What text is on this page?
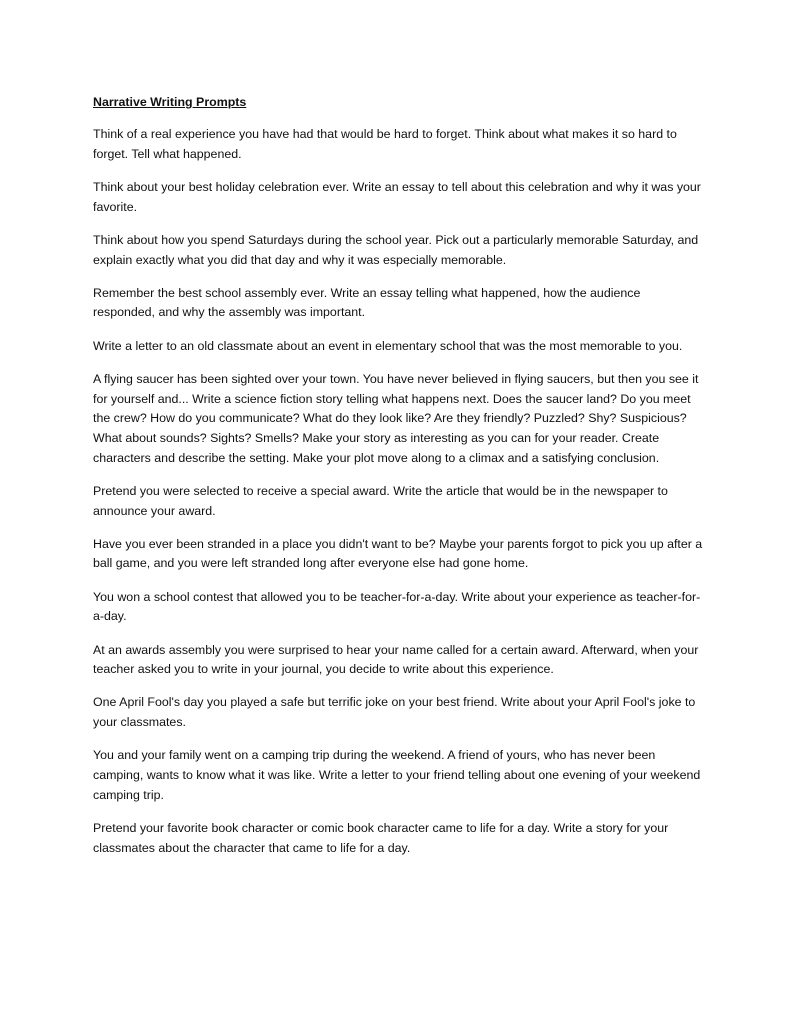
Narrative Writing Prompts

Think of a real experience you have had that would be hard to forget. Think about what makes it so hard to forget. Tell what happened.

Think about your best holiday celebration ever. Write an essay to tell about this celebration and why it was your favorite.

Think about how you spend Saturdays during the school year. Pick out a particularly memorable Saturday, and explain exactly what you did that day and why it was especially memorable.

Remember the best school assembly ever. Write an essay telling what happened, how the audience responded, and why the assembly was important.

Write a letter to an old classmate about an event in elementary school that was the most memorable to you.

A flying saucer has been sighted over your town. You have never believed in flying saucers, but then you see it for yourself and... Write a science fiction story telling what happens next. Does the saucer land? Do you meet the crew? How do you communicate? What do they look like? Are they friendly? Puzzled? Shy? Suspicious? What about sounds? Sights? Smells? Make your story as interesting as you can for your reader. Create characters and describe the setting. Make your plot move along to a climax and a satisfying conclusion.

Pretend you were selected to receive a special award. Write the article that would be in the newspaper to announce your award.

Have you ever been stranded in a place you didn't want to be? Maybe your parents forgot to pick you up after a ball game, and you were left stranded long after everyone else had gone home.

You won a school contest that allowed you to be teacher-for-a-day. Write about your experience as teacher-for-a-day.

At an awards assembly you were surprised to hear your name called for a certain award. Afterward, when your teacher asked you to write in your journal, you decide to write about this experience.

One April Fool's day you played a safe but terrific joke on your best friend. Write about your April Fool's joke to your classmates.

You and your family went on a camping trip during the weekend. A friend of yours, who has never been camping, wants to know what it was like. Write a letter to your friend telling about one evening of your weekend camping trip.

Pretend your favorite book character or comic book character came to life for a day. Write a story for your classmates about the character that came to life for a day.
